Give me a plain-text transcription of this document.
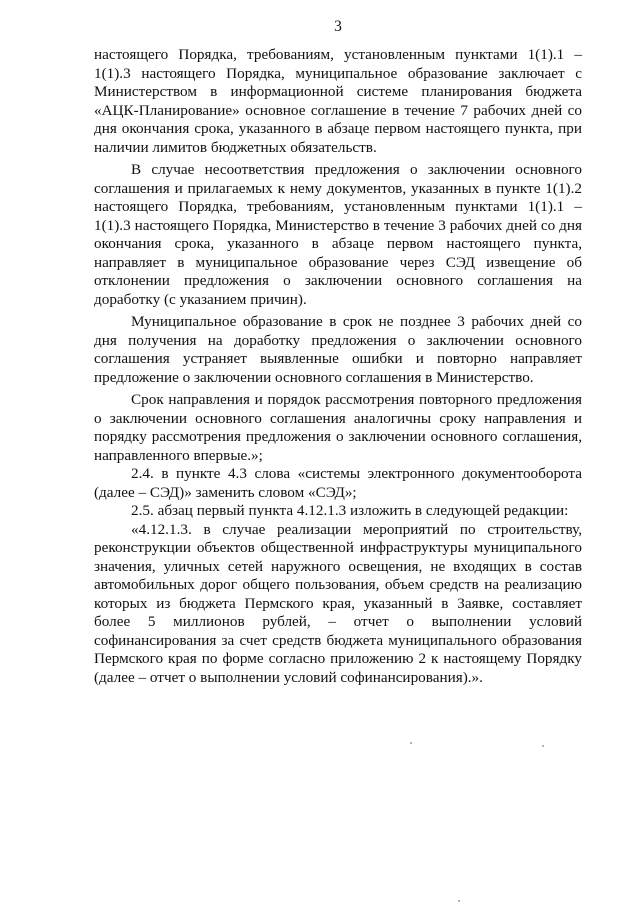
3

настоящего Порядка, требованиям, установленным пунктами 1(1).1 – 1(1).3 настоящего Порядка, муниципальное образование заключает с Министерством в информационной системе планирования бюджета «АЦК-Планирование» основное соглашение в течение 7 рабочих дней со дня окончания срока, указанного в абзаце первом настоящего пункта, при наличии лимитов бюджетных обязательств.

В случае несоответствия предложения о заключении основного соглашения и прилагаемых к нему документов, указанных в пункте 1(1).2 настоящего Порядка, требованиям, установленным пунктами 1(1).1 – 1(1).3 настоящего Порядка, Министерство в течение 3 рабочих дней со дня окончания срока, указанного в абзаце первом настоящего пункта, направляет в муниципальное образование через СЭД извещение об отклонении предложения о заключении основного соглашения на доработку (с указанием причин).

Муниципальное образование в срок не позднее 3 рабочих дней со дня получения на доработку предложения о заключении основного соглашения устраняет выявленные ошибки и повторно направляет предложение о заключении основного соглашения в Министерство.

Срок направления и порядок рассмотрения повторного предложения о заключении основного соглашения аналогичны сроку направления и порядку рассмотрения предложения о заключении основного соглашения, направленного впервые.»;

2.4. в пункте 4.3 слова «системы электронного документооборота (далее – СЭД)» заменить словом «СЭД»;

2.5. абзац первый пункта 4.12.1.3 изложить в следующей редакции:

«4.12.1.3. в случае реализации мероприятий по строительству, реконструкции объектов общественной инфраструктуры муниципального значения, уличных сетей наружного освещения, не входящих в состав автомобильных дорог общего пользования, объем средств на реализацию которых из бюджета Пермского края, указанный в Заявке, составляет более 5 миллионов рублей, – отчет о выполнении условий софинансирования за счет средств бюджета муниципального образования Пермского края по форме согласно приложению 2 к настоящему Порядку (далее – отчет о выполнении условий софинансирования).».
